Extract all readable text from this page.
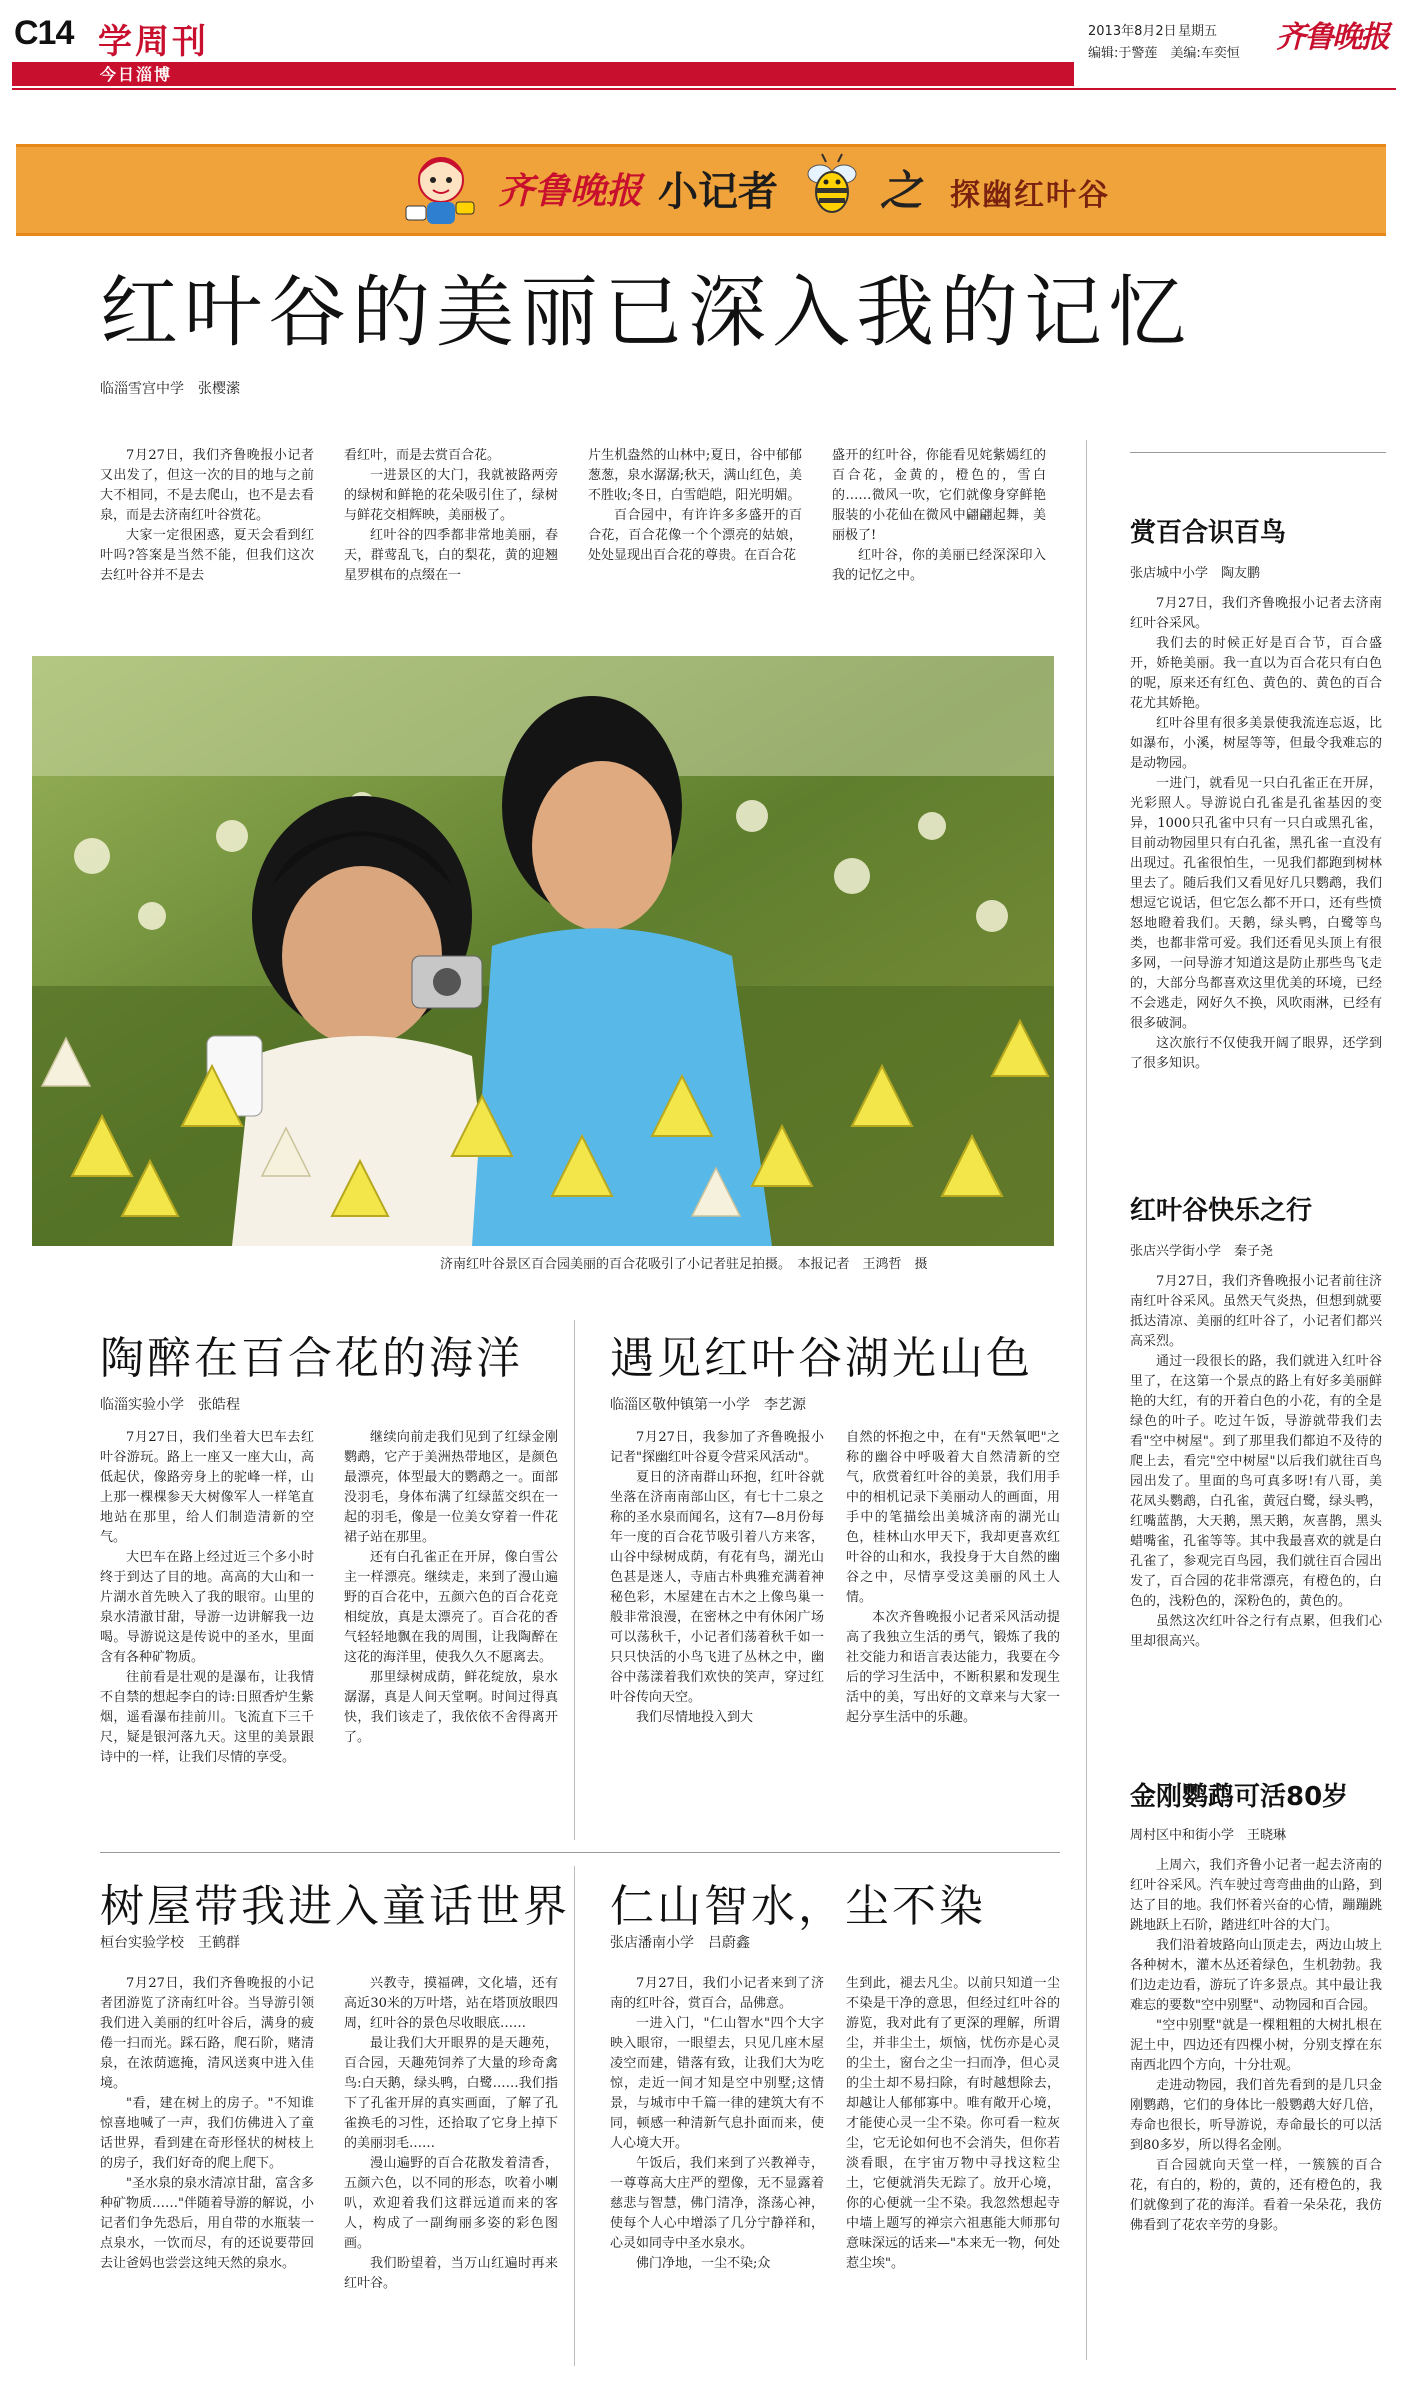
C14 学周刊
今日淄博
2013年8月2日 星期五
编辑:于警莲　美编:车奕恒 齐鲁晚报
齐鲁晚报 小记者 之 探幽红叶谷
红叶谷的美丽已深入我的记忆
临淄雪宫中学　张樱潆

7月27日，我们齐鲁晚报小记者又出发了，但这一次的目的地与之前大不相同，不是去爬山，也不是去看泉，而是去济南红叶谷赏花。

大家一定很困惑，夏天会看到红叶吗?答案是当然不能，但我们这次去红叶谷并不是去

看红叶，而是去赏百合花。

一进景区的大门，我就被路两旁的绿树和鲜艳的花朵吸引住了，绿树与鲜花交相辉映，美丽极了。

红叶谷的四季都非常地美丽，春天，群莺乱飞，白的梨花，黄的迎翘星罗棋布的点缀在一

片生机盎然的山林中;夏日，谷中郁郁葱葱，泉水潺潺;秋天，满山红色，美不胜收;冬日，白雪皑皑，阳光明媚。

百合园中，有许许多多盛开的百合花，百合花像一个个漂亮的姑娘，处处显现出百合花的尊贵。在百合花

盛开的红叶谷，你能看见姹紫嫣红的百合花，金黄的，橙色的，雪白的……微风一吹，它们就像身穿鲜艳服装的小花仙在微风中翩翩起舞，美丽极了!

红叶谷，你的美丽已经深深印入我的记忆之中。

济南红叶谷景区百合园美丽的百合花吸引了小记者驻足拍摄。　本报记者　王鸿哲　摄
陶醉在百合花的海洋
临淄实验小学　张皓程

7月27日，我们坐着大巴车去红叶谷游玩。路上一座又一座大山，高低起伏，像路旁身上的驼峰一样，山上那一棵棵参天大树像军人一样笔直地站在那里，给人们制造清新的空气。

大巴车在路上经过近三个多小时终于到达了目的地。高高的大山和一片湖水首先映入了我的眼帘。山里的泉水清澈甘甜，导游一边讲解我一边喝。导游说这是传说中的圣水，里面含有各种矿物质。

往前看是壮观的是瀑布，让我情不自禁的想起李白的诗:日照香炉生紫烟，遥看瀑布挂前川。飞流直下三千尺，疑是银河落九天。这里的美景跟诗中的一样，让我们尽情的享受。

继续向前走我们见到了红绿金刚鹦鹉，它产于美洲热带地区，是颜色最漂亮，体型最大的鹦鹉之一。面部没羽毛，身体布满了红绿蓝交织在一起的羽毛，像是一位美女穿着一件花裙子站在那里。

还有白孔雀正在开屏，像白雪公主一样漂亮。继续走，来到了漫山遍野的百合花中，五颜六色的百合花竞相绽放，真是太漂亮了。百合花的香气轻轻地飘在我的周围，让我陶醉在这花的海洋里，使我久久不愿离去。

那里绿树成荫，鲜花绽放，泉水潺潺，真是人间天堂啊。时间过得真快，我们该走了，我依依不舍得离开了。

遇见红叶谷湖光山色
临淄区敬仲镇第一小学　李艺源

7月27日，我参加了齐鲁晚报小记者"探幽红叶谷夏令营采风活动"。

夏日的济南群山环抱，红叶谷就坐落在济南南部山区，有七十二泉之称的圣水泉而闻名，这有7—8月份每年一度的百合花节吸引着八方来客，山谷中绿树成荫，有花有鸟，湖光山色甚是迷人，寺庙古朴典雅充满着神秘色彩，木屋建在古木之上像鸟巢一般非常浪漫，在密林之中有休闲广场可以荡秋千，小记者们荡着秋千如一只只快活的小鸟飞进了丛林之中，幽谷中荡漾着我们欢快的笑声，穿过红叶谷传向天空。

我们尽情地投入到大

自然的怀抱之中，在有"天然氧吧"之称的幽谷中呼吸着大自然清新的空气，欣赏着红叶谷的美景，我们用手中的相机记录下美丽动人的画面，用手中的笔描绘出美城济南的湖光山色，桂林山水甲天下，我却更喜欢红叶谷的山和水，我投身于大自然的幽谷之中，尽情享受这美丽的风土人情。

本次齐鲁晚报小记者采风活动提高了我独立生活的勇气，锻炼了我的社交能力和语言表达能力，我要在今后的学习生活中，不断积累和发现生活中的美，写出好的文章来与大家一起分享生活中的乐趣。

树屋带我进入童话世界
桓台实验学校　王鹤群

7月27日，我们齐鲁晚报的小记者团游览了济南红叶谷。当导游引领我们进入美丽的红叶谷后，满身的疲倦一扫而光。踩石路，爬石阶，赌清泉，在浓荫遮掩，清风送爽中进入佳境。

"看，建在树上的房子。"不知谁惊喜地喊了一声，我们仿佛进入了童话世界，看到建在奇形怪状的树枝上的房子，我们好奇的爬上爬下。

"圣水泉的泉水清凉甘甜，富含多种矿物质……"伴随着导游的解说，小记者们争先恐后，用自带的水瓶装一点泉水，一饮而尽，有的还说要带回去让爸妈也尝尝这纯天然的泉水。

兴教寺，摸福碑，文化墙，还有高近30米的万叶塔，站在塔顶放眼四周，红叶谷的景色尽收眼底……

最让我们大开眼界的是天趣苑，百合园，天趣苑饲养了大量的珍奇禽鸟:白天鹅，绿头鸭，白鹭……我们指下了孔雀开屏的真实画面，了解了孔雀换毛的习性，还拾取了它身上掉下的美丽羽毛……

漫山遍野的百合花散发着清香，五颜六色，以不同的形态，吹着小喇叭，欢迎着我们这群远道而来的客人，构成了一副绚丽多姿的彩色图画。

我们盼望着，当万山红遍时再来红叶谷。

仁山智水，尘不染
张店潘南小学　吕蔚鑫

7月27日，我们小记者来到了济南的红叶谷，赏百合，品佛意。

一进入门，"仁山智水"四个大字映入眼帘，一眼望去，只见几座木屋凌空而建，错落有致，让我们大为吃惊，走近一间才知是空中别墅;这情景，与城市中千篇一律的建筑大有不同，顿感一种清新气息扑面而来，使人心境大开。

午饭后，我们来到了兴教禅寺，一尊尊高大庄严的塑像，无不显露着慈悲与智慧，佛门清净，涤荡心神，使每个人心中增添了几分宁静祥和，心灵如同寺中圣水泉水。

佛门净地，一尘不染;众

生到此，褪去凡尘。以前只知道一尘不染是干净的意思，但经过红叶谷的游览，我对此有了更深的理解，所谓尘，并非尘土，烦恼，忧伤亦是心灵的尘土，窗台之尘一扫而净，但心灵的尘土却不易扫除，有时越想除去，却越让人郁郁寡中。唯有敞开心境，才能使心灵一尘不染。你可看一粒灰尘，它无论如何也不会消失，但你若淡看眼，在宇宙万物中寻找这粒尘土，它便就消失无踪了。放开心境，你的心便就一尘不染。我忽然想起寺中墙上题写的禅宗六祖惠能大师那句意味深远的话来—"本来无一物，何处惹尘埃"。

赏百合识百鸟
张店城中小学　陶友鹏

7月27日，我们齐鲁晚报小记者去济南红叶谷采风。

我们去的时候正好是百合节，百合盛开，娇艳美丽。我一直以为百合花只有白色的呢，原来还有红色、黄色的、黄色的百合花尤其娇艳。

红叶谷里有很多美景使我流连忘返，比如瀑布，小溪，树屋等等，但最令我难忘的是动物园。

一进门，就看见一只白孔雀正在开屏，光彩照人。导游说白孔雀是孔雀基因的变异，1000只孔雀中只有一只白或黑孔雀，目前动物园里只有白孔雀，黑孔雀一直没有出现过。孔雀很怕生，一见我们都跑到树林里去了。随后我们又看见好几只鹦鹉，我们想逗它说话，但它怎么都不开口，还有些愤怒地瞪着我们。天鹅，绿头鸭，白鹭等鸟类，也都非常可爱。我们还看见头顶上有很多网，一问导游才知道这是防止那些鸟飞走的，大部分鸟都喜欢这里优美的环境，已经不会逃走，网好久不换，风吹雨淋，已经有很多破洞。

这次旅行不仅使我开阔了眼界，还学到了很多知识。

红叶谷快乐之行
张店兴学街小学　秦子尧

7月27日，我们齐鲁晚报小记者前往济南红叶谷采风。虽然天气炎热，但想到就要抵达清凉、美丽的红叶谷了，小记者们都兴高采烈。

通过一段很长的路，我们就进入红叶谷里了，在这第一个景点的路上有好多美丽鲜艳的大红，有的开着白色的小花，有的全是绿色的叶子。吃过午饭，导游就带我们去看"空中树屋"。到了那里我们都迫不及待的爬上去，看完"空中树屋"以后我们就往百鸟园出发了。里面的鸟可真多呀!有八哥，美花凤头鹦鹉，白孔雀，黄冠白鹭，绿头鸭，红嘴蓝鹊，大天鹅，黑天鹅，灰喜鹊，黑头蜡嘴雀，孔雀等等。其中我最喜欢的就是白孔雀了，参观完百鸟园，我们就往百合园出发了，百合园的花非常漂亮，有橙色的，白色的，浅粉色的，深粉色的，黄色的。

虽然这次红叶谷之行有点累，但我们心里却很高兴。

金刚鹦鹉可活80岁
周村区中和街小学　王晓琳

上周六，我们齐鲁小记者一起去济南的红叶谷采风。汽车驶过弯弯曲曲的山路，到达了目的地。我们怀着兴奋的心情，蹦蹦跳跳地跃上石阶，踏进红叶谷的大门。

我们沿着坡路向山顶走去，两边山坡上各种树木，灌木丛还着绿色，生机勃勃。我们边走边看，游玩了许多景点。其中最让我难忘的要数"空中别墅"、动物园和百合园。

"空中别墅"就是一棵粗粗的大树扎根在泥土中，四边还有四棵小树，分别支撑在东南西北四个方向，十分壮观。

走进动物园，我们首先看到的是几只金刚鹦鹉，它们的身体比一般鹦鹉大好几倍，寿命也很长，听导游说，寿命最长的可以活到80多岁，所以得名金刚。

百合园就向天堂一样，一簇簇的百合花，有白的，粉的，黄的，还有橙色的，我们就像到了花的海洋。看着一朵朵花，我仿佛看到了花农辛劳的身影。
